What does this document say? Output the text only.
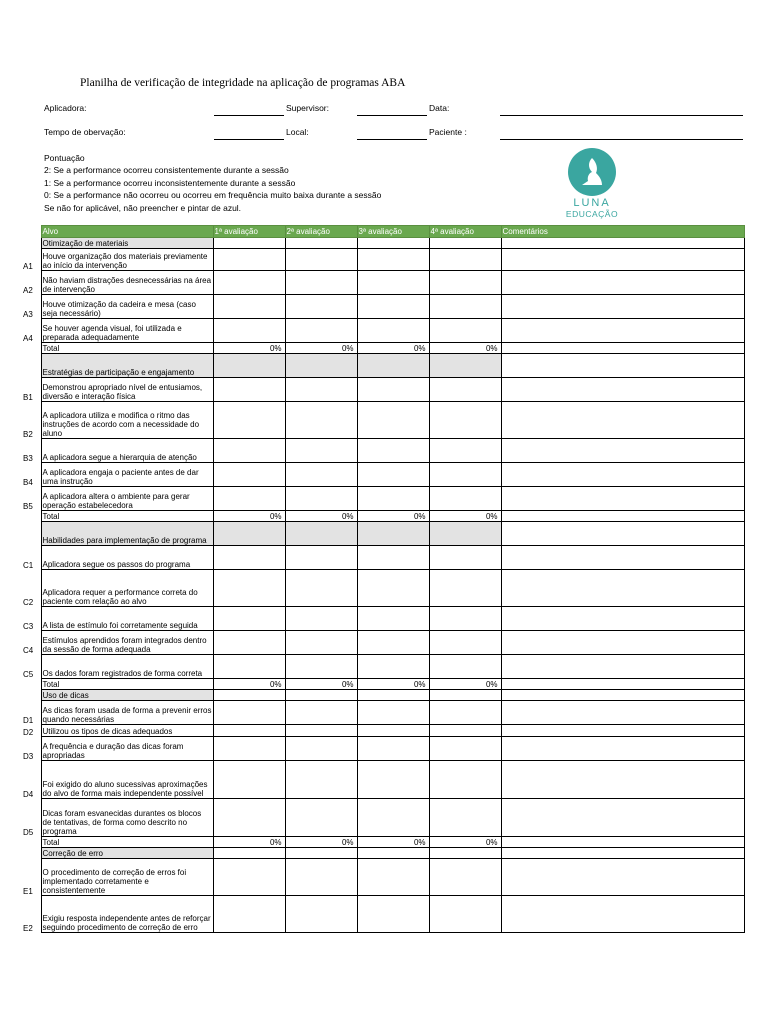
Planilha de verificação de integridade na aplicação de programas ABA
Aplicadora:	Supervisor:	Data:
Tempo de obervação:	Local:	Paciente :
Pontuação
2: Se a performance ocorreu consistentemente durante a sessão
1: Se a performance ocorreu inconsistentemente durante a sessão
0: Se a performance não ocorreu ou ocorreu em frequência muito baixa durante a sessão
Se não for aplicável, não preencher e pintar de azul.	LUNA
EDUCAÇÃO
	Alvo	1ª avaliação	2ª avaliação	3ª avaliação	4ª avaliação	Comentários
	Otimização de materiais					
A1	Houve organização dos materiais previamente ao início da intervenção					
A2	Não haviam distrações desnecessárias na área de intervenção					
A3	Houve otimização da cadeira e mesa (caso seja necessário)					
A4	Se houver agenda visual, foi utilizada e preparada adequadamente					
	Total	0%	0%	0%	0%	
	Estratégias de participação e engajamento					
B1	Demonstrou apropriado nível de entusiamos, diversão e interação física					
B2	A aplicadora utiliza e modifica o ritmo das instruções de acordo com a necessidade do aluno					
B3	A aplicadora segue a hierarquia de atenção					
B4	A aplicadora engaja o paciente antes de dar uma instrução					
B5	A aplicadora altera o ambiente para gerar operação estabelecedora					
	Total	0%	0%	0%	0%	
	Habilidades para implementação de programa					
C1	Aplicadora segue os passos do programa					
C2	Aplicadora requer a performance correta do paciente com relação ao alvo					
C3	A lista de estímulo foi corretamente seguida					
C4	Estímulos aprendidos foram integrados dentro da sessão de forma adequada					
C5	Os dados foram registrados de forma correta					
	Total	0%	0%	0%	0%	
	Uso de dicas					
D1	As dicas foram usada de forma a prevenir erros quando necessárias					
D2	Utilizou os tipos de dicas adequados					
D3	A frequência e duração das dicas foram apropriadas					
D4	Foi exigido do aluno sucessivas aproximações do alvo de forma mais independente possível					
D5	Dicas foram esvanecidas durantes os blocos de tentativas, de forma como descrito no programa					
	Total	0%	0%	0%	0%	
	Correção de erro					
E1	O procedimento de correção de erros foi implementado corretamente e consistentemente					
E2	Exigiu resposta independente antes de reforçar seguindo procedimento de correção de erro					
